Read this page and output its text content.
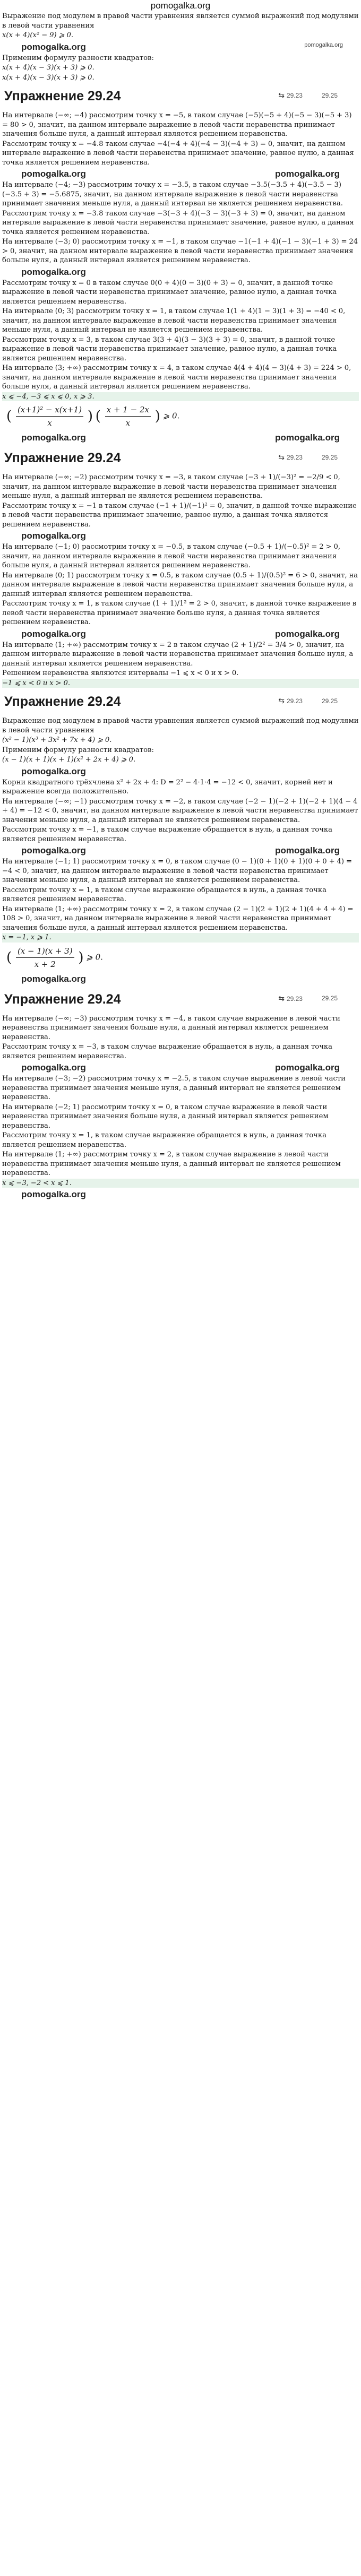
pomogalka.org

Выражение под модулем в правой части уравнения является суммой выражений под модулями в левой части уравнения

x(x + 4)(x² − 9) ⩾ 0.

pomogalka.org	pomogalka.org

Применим формулу разности квадратов:

x(x + 4)(x − 3)(x + 3) ⩾ 0.

x(x + 4)(x − 3)(x + 3) ⩾ 0.

Упражнение 29.24	⇆ 29.23	29.25

На интервале (−∞; −4) рассмотрим точку x = −5, в таком случае (−5)(−5 + 4)(−5 − 3)(−5 + 3) = 80 > 0, значит, на данном интервале выражение в левой части неравенства принимает значения больше нуля, а данный интервал является решением неравенства.

Рассмотрим точку x = −4.8 таком случае −4(−4 + 4)(−4 − 3)(−4 + 3) = 0, значит, на данном интервале выражение в левой части неравенства принимает значение, равное нулю, а данная точка является решением неравенства.

pomogalka.org	pomogalka.org

На интервале (−4; −3) рассмотрим точку x = −3.5, в таком случае −3.5(−3.5 + 4)(−3.5 − 3)(−3.5 + 3) = −5.6875, значит, на данном интервале выражение в левой части неравенства принимает значения меньше нуля, а данный интервал не является решением неравенства.

Рассмотрим точку x = −3.8 таком случае −3(−3 + 4)(−3 − 3)(−3 + 3) = 0, значит, на данном интервале выражение в левой части неравенства принимает значение, равное нулю, а данная точка является решением неравенства.

На интервале (−3; 0) рассмотрим точку x = −1, в таком случае −1(−1 + 4)(−1 − 3)(−1 + 3) = 24 > 0, значит, на данном интервале выражение в левой части неравенства принимает значения больше нуля, а данный интервал является решением неравенства.

pomogalka.org

Рассмотрим точку x = 0 в таком случае 0(0 + 4)(0 − 3)(0 + 3) = 0, значит, в данной точке выражение в левой части неравенства принимает значение, равное нулю, а данная точка является решением неравенства.

На интервале (0; 3) рассмотрим точку x = 1, в таком случае 1(1 + 4)(1 − 3)(1 + 3) = −40 < 0, значит, на данном интервале выражение в левой части неравенства принимает значения меньше нуля, а данный интервал не является решением неравенства.

Рассмотрим точку x = 3, в таком случае 3(3 + 4)(3 − 3)(3 + 3) = 0, значит, в данной точке выражение в левой части неравенства принимает значение, равное нулю, а данная точка является решением неравенства.

На интервале (3; +∞) рассмотрим точку x = 4, в таком случае 4(4 + 4)(4 − 3)(4 + 3) = 224 > 0, значит, на данном интервале выражение в левой части неравенства принимает значения больше нуля, а данный интервал является решением неравенства.

x ⩽ −4, −3 ⩽ x ⩽ 0, x ⩾ 3.

( $\frac{\text{(x+1)² − x(x+1)}}{x}$ ) ( $\frac{x + 1 - 2x}{x}$ ) ⩾ 0.
pomogalka.org	pomogalka.org
Упражнение 29.24	⇆ 29.23	29.25

На интервале (−∞; −2) рассмотрим точку x = −3, в таком случае (−3 + 1)/(−3)² = −2/9 < 0, значит, на данном интервале выражение в левой части неравенства принимает значения меньше нуля, а данный интервал не является решением неравенства.

Рассмотрим точку x = −1 в таком случае (−1 + 1)/(−1)² = 0, значит, в данной точке выражение в левой части неравенства принимает значение, равное нулю, а данная точка является решением неравенства.

pomogalka.org

На интервале (−1; 0) рассмотрим точку x = −0.5, в таком случае (−0.5 + 1)/(−0.5)² = 2 > 0, значит, на данном интервале выражение в левой части неравенства принимает значения больше нуля, а данный интервал является решением неравенства.

На интервале (0; 1) рассмотрим точку x = 0.5, в таком случае (0.5 + 1)/(0.5)² = 6 > 0, значит, на данном интервале выражение в левой части неравенства принимает значения больше нуля, а данный интервал является решением неравенства.

Рассмотрим точку x = 1, в таком случае (1 + 1)/1² = 2 > 0, значит, в данной точке выражение в левой части неравенства принимает значение больше нуля, а данная точка является решением неравенства.

pomogalka.org	pomogalka.org

На интервале (1; +∞) рассмотрим точку x = 2 в таком случае (2 + 1)/2² = 3/4 > 0, значит, на данном интервале выражение в левой части неравенства принимает значения больше нуля, а данный интервал является решением неравенства.

Решением неравенства являются интервалы −1 ⩽ x < 0 и x > 0.

−1 ⩽ x < 0 и x > 0.

Упражнение 29.24	⇆ 29.23	29.25

Выражение под модулем в правой части уравнения является суммой выражений под модулями в левой части уравнения

(x² − 1)(x³ + 3x² + 7x + 4) ⩾ 0.

Применим формулу разности квадратов:

(x − 1)(x + 1)(x + 1)(x² + 2x + 4) ⩾ 0.

pomogalka.org

Корни квадратного трёхчлена x² + 2x + 4: D = 2² − 4·1·4 = −12 < 0, значит, корней нет и выражение всегда положительно.

На интервале (−∞; −1) рассмотрим точку x = −2, в таком случае (−2 − 1)(−2 + 1)(−2 + 1)(4 − 4 + 4) = −12 < 0, значит, на данном интервале выражение в левой части неравенства принимает значения меньше нуля, а данный интервал не является решением неравенства.

Рассмотрим точку x = −1, в таком случае выражение обращается в нуль, а данная точка является решением неравенства.

pomogalka.org	pomogalka.org

На интервале (−1; 1) рассмотрим точку x = 0, в таком случае (0 − 1)(0 + 1)(0 + 1)(0 + 0 + 4) = −4 < 0, значит, на данном интервале выражение в левой части неравенства принимает значения меньше нуля, а данный интервал не является решением неравенства.

Рассмотрим точку x = 1, в таком случае выражение обращается в нуль, а данная точка является решением неравенства.

На интервале (1; +∞) рассмотрим точку x = 2, в таком случае (2 − 1)(2 + 1)(2 + 1)(4 + 4 + 4) = 108 > 0, значит, на данном интервале выражение в левой части неравенства принимает значения больше нуля, а данный интервал является решением неравенства.

x = −1, x ⩾ 1.

( $\frac{(x - 1)(x + 3)}{x + 2}$ ) ⩾ 0.
pomogalka.org
Упражнение 29.24	⇆ 29.23	29.25

На интервале (−∞; −3) рассмотрим точку x = −4, в таком случае выражение в левой части неравенства принимает значения больше нуля, а данный интервал является решением неравенства.

Рассмотрим точку x = −3, в таком случае выражение обращается в нуль, а данная точка является решением неравенства.

pomogalka.org	pomogalka.org

На интервале (−3; −2) рассмотрим точку x = −2.5, в таком случае выражение в левой части неравенства принимает значения меньше нуля, а данный интервал не является решением неравенства.

На интервале (−2; 1) рассмотрим точку x = 0, в таком случае выражение в левой части неравенства принимает значения больше нуля, а данный интервал является решением неравенства.

Рассмотрим точку x = 1, в таком случае выражение обращается в нуль, а данная точка является решением неравенства.

На интервале (1; +∞) рассмотрим точку x = 2, в таком случае выражение в левой части неравенства принимает значения меньше нуля, а данный интервал не является решением неравенства.

x ⩽ −3, −2 < x ⩽ 1.

pomogalka.org
